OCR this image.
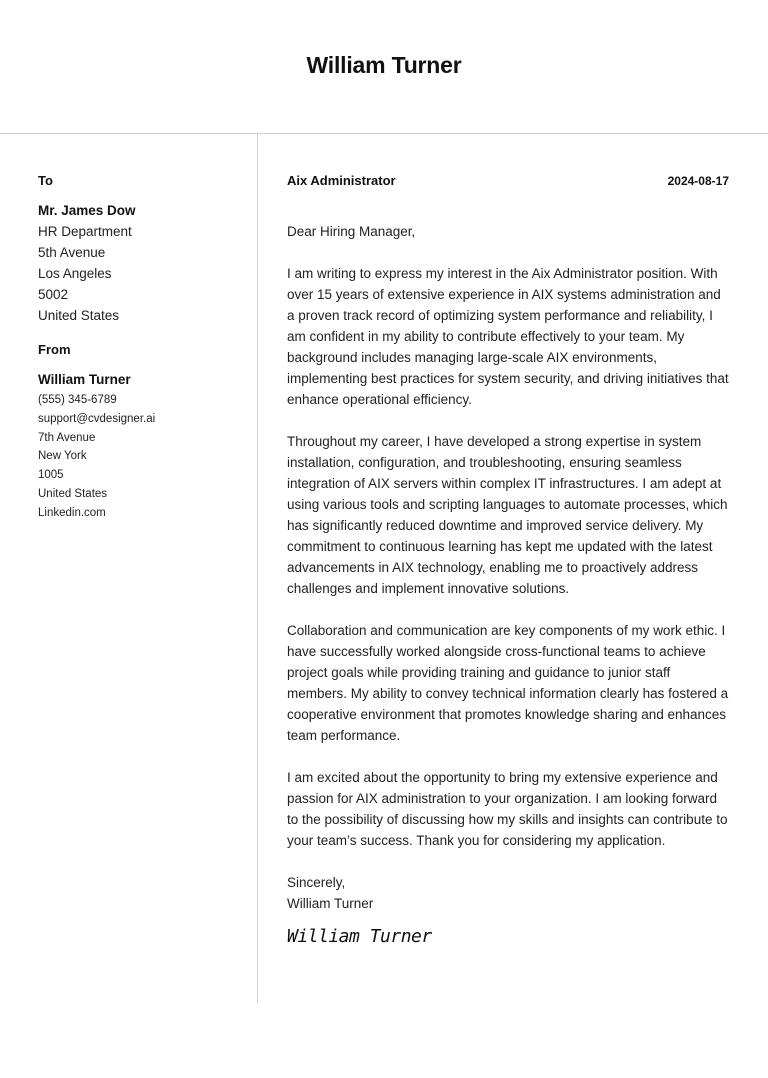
William Turner

To

Mr. James Dow

HR Department
5th Avenue
Los Angeles
5002
United States

From

William Turner

(555) 345-6789
support@cvdesigner.ai
7th Avenue
New York
1005
United States
Linkedin.com
Aix Administrator	2024-08-17
Dear Hiring Manager,
I am writing to express my interest in the Aix Administrator position. With over 15 years of extensive experience in AIX systems administration and a proven track record of optimizing system performance and reliability, I am confident in my ability to contribute effectively to your team. My background includes managing large-scale AIX environments, implementing best practices for system security, and driving initiatives that enhance operational efficiency.
Throughout my career, I have developed a strong expertise in system installation, configuration, and troubleshooting, ensuring seamless integration of AIX servers within complex IT infrastructures. I am adept at using various tools and scripting languages to automate processes, which has significantly reduced downtime and improved service delivery. My commitment to continuous learning has kept me updated with the latest advancements in AIX technology, enabling me to proactively address challenges and implement innovative solutions.
Collaboration and communication are key components of my work ethic. I have successfully worked alongside cross-functional teams to achieve project goals while providing training and guidance to junior staff members. My ability to convey technical information clearly has fostered a cooperative environment that promotes knowledge sharing and enhances team performance.
I am excited about the opportunity to bring my extensive experience and passion for AIX administration to your organization. I am looking forward to the possibility of discussing how my skills and insights can contribute to your team’s success. Thank you for considering my application.
Sincerely,
William Turner
William Turner
